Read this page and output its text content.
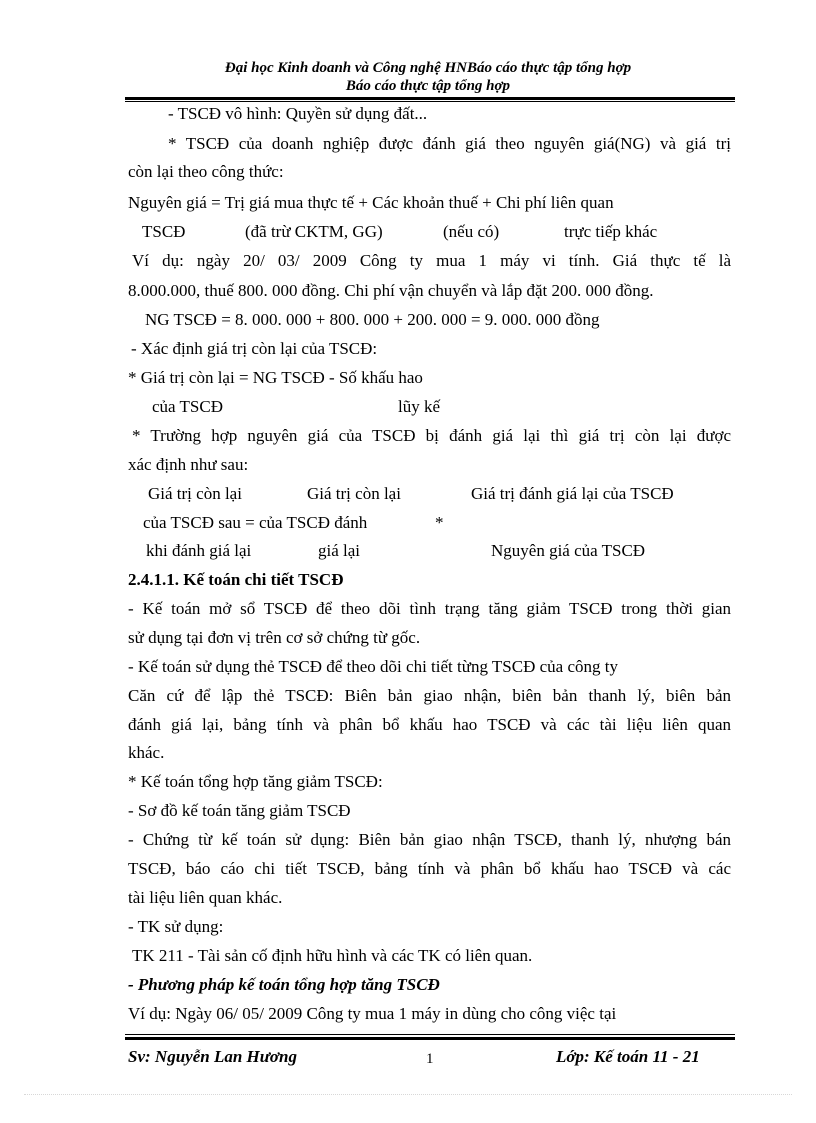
Đại học Kinh doanh và Công nghệ HNBáo cáo thực tập tổng hợp
Báo cáo thực tập tổng hợp
- TSCĐ vô hình: Quyền sử dụng đất...
* TSCĐ của doanh nghiệp được đánh giá theo nguyên giá(NG) và giá trị
còn lại theo công thức:
Nguyên giá = Trị giá mua thực tế + Các khoản thuế + Chi phí liên quan
TSCĐ	(đã trừ CKTM, GG)	(nếu có)	trực tiếp khác
Ví dụ: ngày 20/ 03/ 2009 Công ty mua 1 máy vi tính. Giá thực tế là
8.000.000, thuế 800. 000 đồng. Chi phí vận chuyển và lắp đặt 200. 000 đồng.
NG TSCĐ = 8. 000. 000 + 800. 000 + 200. 000 = 9. 000. 000 đồng
- Xác định giá trị còn lại của TSCĐ:
* Giá trị còn lại = NG TSCĐ - Số khấu hao
của TSCĐ	lũy kế
* Trường hợp nguyên giá của TSCĐ bị đánh giá lại thì giá trị còn lại được
xác định như sau:
Giá trị còn lại	Giá trị còn lại	Giá trị đánh giá lại của TSCĐ
của TSCĐ sau = của TSCĐ đánh	*
khi đánh giá lại	giá lại	Nguyên giá của TSCĐ
2.4.1.1. Kế toán chi tiết TSCĐ
- Kế toán mở sổ TSCĐ để theo dõi tình trạng tăng giảm TSCĐ trong thời gian
sử dụng tại đơn vị trên cơ sở chứng từ gốc.
- Kế toán sử dụng thẻ TSCĐ để theo dõi chi tiết từng TSCĐ của công ty
Căn cứ để lập thẻ TSCĐ: Biên bản giao nhận, biên bản thanh lý, biên bản
đánh giá lại, bảng tính và phân bổ khấu hao TSCĐ và các tài liệu liên quan
khác.
* Kế toán tổng hợp tăng giảm TSCĐ:
- Sơ đồ kế toán tăng giảm TSCĐ
- Chứng từ kế toán sử dụng: Biên bản giao nhận TSCĐ, thanh lý, nhượng bán
TSCĐ, báo cáo chi tiết TSCĐ, bảng tính và phân bổ khấu hao TSCĐ và các
tài liệu liên quan khác.
- TK sử dụng:
TK 211 - Tài sản cố định hữu hình và các TK có liên quan.
- Phương pháp kế toán tổng hợp tăng TSCĐ
Ví dụ: Ngày 06/ 05/ 2009 Công ty mua 1 máy in dùng cho công việc tại
Sv: Nguyễn Lan Hương	1	Lớp: Kế toán 11 - 21
